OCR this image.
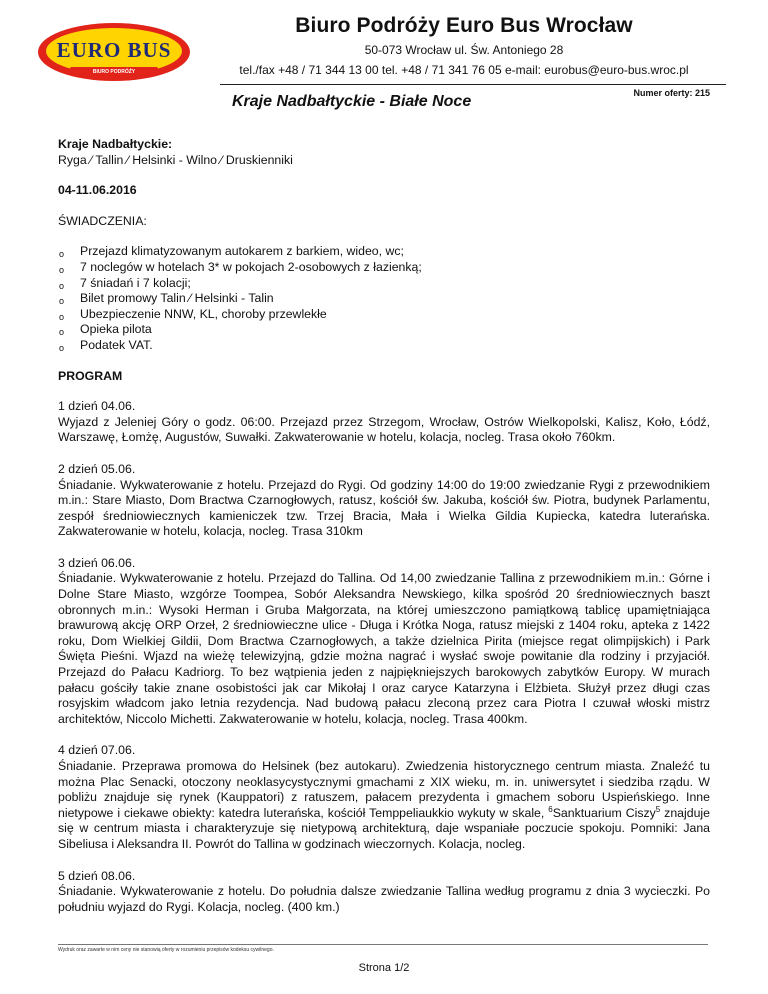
EURO BUS
BIURO PODRÓŻY
Biuro Podróży Euro Bus Wrocław
50-073 Wrocław ul. Św. Antoniego 28
tel./fax +48 / 71 344 13 00 tel. +48 / 71 341 76 05 e-mail: eurobus@euro-bus.wroc.pl
Numer oferty: 215
Kraje Nadbałtyckie - Białe Noce

Kraje Nadbałtyckie:

Ryga ∕ Tallin ∕ Helsinki - Wilno ∕ Druskienniki

04-11.06.2016

ŚWIADCZENIA:

o Przejazd klimatyzowanym autokarem z barkiem, wideo, wc;
o 7 noclegów w hotelach 3* w pokojach 2-osobowych z łazienką;
o 7 śniadań i 7 kolacji;
o Bilet promowy Talin ∕ Helsinki - Talin
o Ubezpieczenie NNW, KL, choroby przewlekłe
o Opieka pilota
o Podatek VAT.

PROGRAM

1 dzień 04.06.

Wyjazd z Jeleniej Góry o godz. 06:00. Przejazd przez Strzegom, Wrocław, Ostrów Wielkopolski, Kalisz, Koło, Łódź, Warszawę, Łomżę, Augustów, Suwałki. Zakwaterowanie w hotelu, kolacja, nocleg. Trasa około 760km.

2 dzień 05.06.

Śniadanie. Wykwaterowanie z hotelu. Przejazd do Rygi. Od godziny 14:00 do 19:00 zwiedzanie Rygi z przewodnikiem m.in.: Stare Miasto, Dom Bractwa Czarnogłowych, ratusz, kościół św. Jakuba, kościół św. Piotra, budynek Parlamentu, zespół średniowiecznych kamieniczek tzw. Trzej Bracia, Mała i Wielka Gildia Kupiecka, katedra luterańska. Zakwaterowanie w hotelu, kolacja, nocleg. Trasa 310km

3 dzień 06.06.

Śniadanie. Wykwaterowanie z hotelu. Przejazd do Tallina. Od 14,00 zwiedzanie Tallina z przewodnikiem m.in.: Górne i Dolne Stare Miasto, wzgórze Toompea, Sobór Aleksandra Newskiego, kilka spośród 20 średniowiecznych baszt obronnych m.in.: Wysoki Herman i Gruba Małgorzata, na której umieszczono pamiątkową tablicę upamiętniająca brawurową akcję ORP Orzeł, 2 średniowieczne ulice - Długa i Krótka Noga, ratusz miejski z 1404 roku, apteka z 1422 roku, Dom Wielkiej Gildii, Dom Bractwa Czarnogłowych, a także dzielnica Pirita (miejsce regat olimpijskich) i Park Święta Pieśni. Wjazd na wieżę telewizyjną, gdzie można nagrać i wysłać swoje powitanie dla rodziny i przyjaciół. Przejazd do Pałacu Kadriorg. To bez wątpienia jeden z najpiękniejszych barokowych zabytków Europy. W murach pałacu gościły takie znane osobistości jak car Mikołaj I oraz caryce Katarzyna i Elżbieta. Służył przez długi czas rosyjskim władcom jako letnia rezydencja. Nad budową pałacu zleconą przez cara Piotra I czuwał włoski mistrz architektów, Niccolo Michetti. Zakwaterowanie w hotelu, kolacja, nocleg. Trasa 400km.

4 dzień 07.06.

Śniadanie. Przeprawa promowa do Helsinek (bez autokaru). Zwiedzenia historycznego centrum miasta. Znaleźć tu można Plac Senacki, otoczony neoklasycystycznymi gmachami z XIX wieku, m. in. uniwersytet i siedziba rządu. W pobliżu znajduje się rynek (Kauppatori) z ratuszem, pałacem prezydenta i gmachem soboru Uspieńskiego. Inne nietypowe i ciekawe obiekty: katedra luterańska, kościół Temppeliaukkio wykuty w skale, $^6$Sanktuarium Ciszy$^5$ znajduje się w centrum miasta i charakteryzuje się nietypową architekturą, daje wspaniałe poczucie spokoju. Pomniki: Jana Sibeliusa i Aleksandra II. Powrót do Tallina w godzinach wieczornych. Kolacja, nocleg.

5 dzień 08.06.

Śniadanie. Wykwaterowanie z hotelu. Do południa dalsze zwiedzanie Tallina według programu z dnia 3 wycieczki. Po południu wyjazd do Rygi. Kolacja, nocleg. (400 km.)

Wydruk oraz zawarte w nim ceny nie stanowią oferty w rozumieniu przepisów kodeksu cywilnego.
Strona 1/2
